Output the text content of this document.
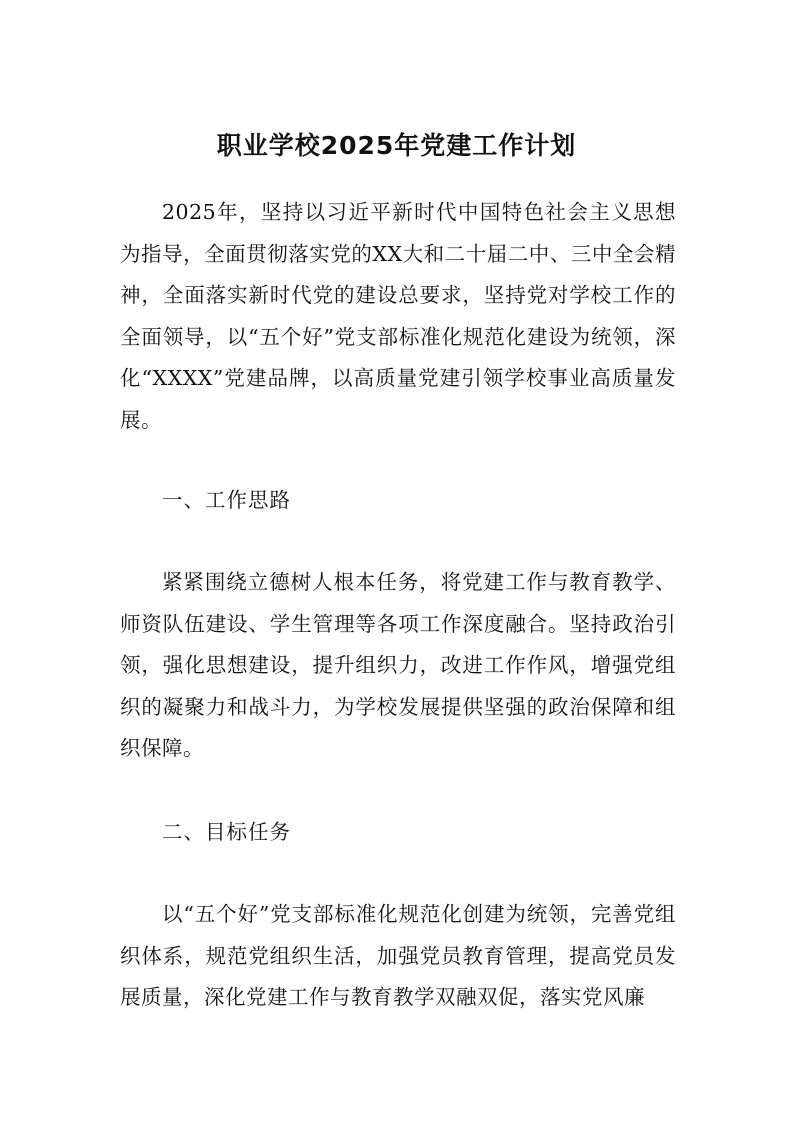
职业学校2025年党建工作计划

2025年，坚持以习近平新时代中国特色社会主义思想为指导，全面贯彻落实党的XX大和二十届二中、三中全会精神，全面落实新时代党的建设总要求，坚持党对学校工作的全面领导，以“五个好”党支部标准化规范化建设为统领，深化“XXXX”党建品牌，以高质量党建引领学校事业高质量发展。

一、工作思路

紧紧围绕立德树人根本任务，将党建工作与教育教学、师资队伍建设、学生管理等各项工作深度融合。坚持政治引领，强化思想建设，提升组织力，改进工作作风，增强党组织的凝聚力和战斗力，为学校发展提供坚强的政治保障和组织保障。

二、目标任务

以“五个好”党支部标准化规范化创建为统领，完善党组织体系，规范党组织生活，加强党员教育管理，提高党员发展质量，深化党建工作与教育教学双融双促，落实党风廉
